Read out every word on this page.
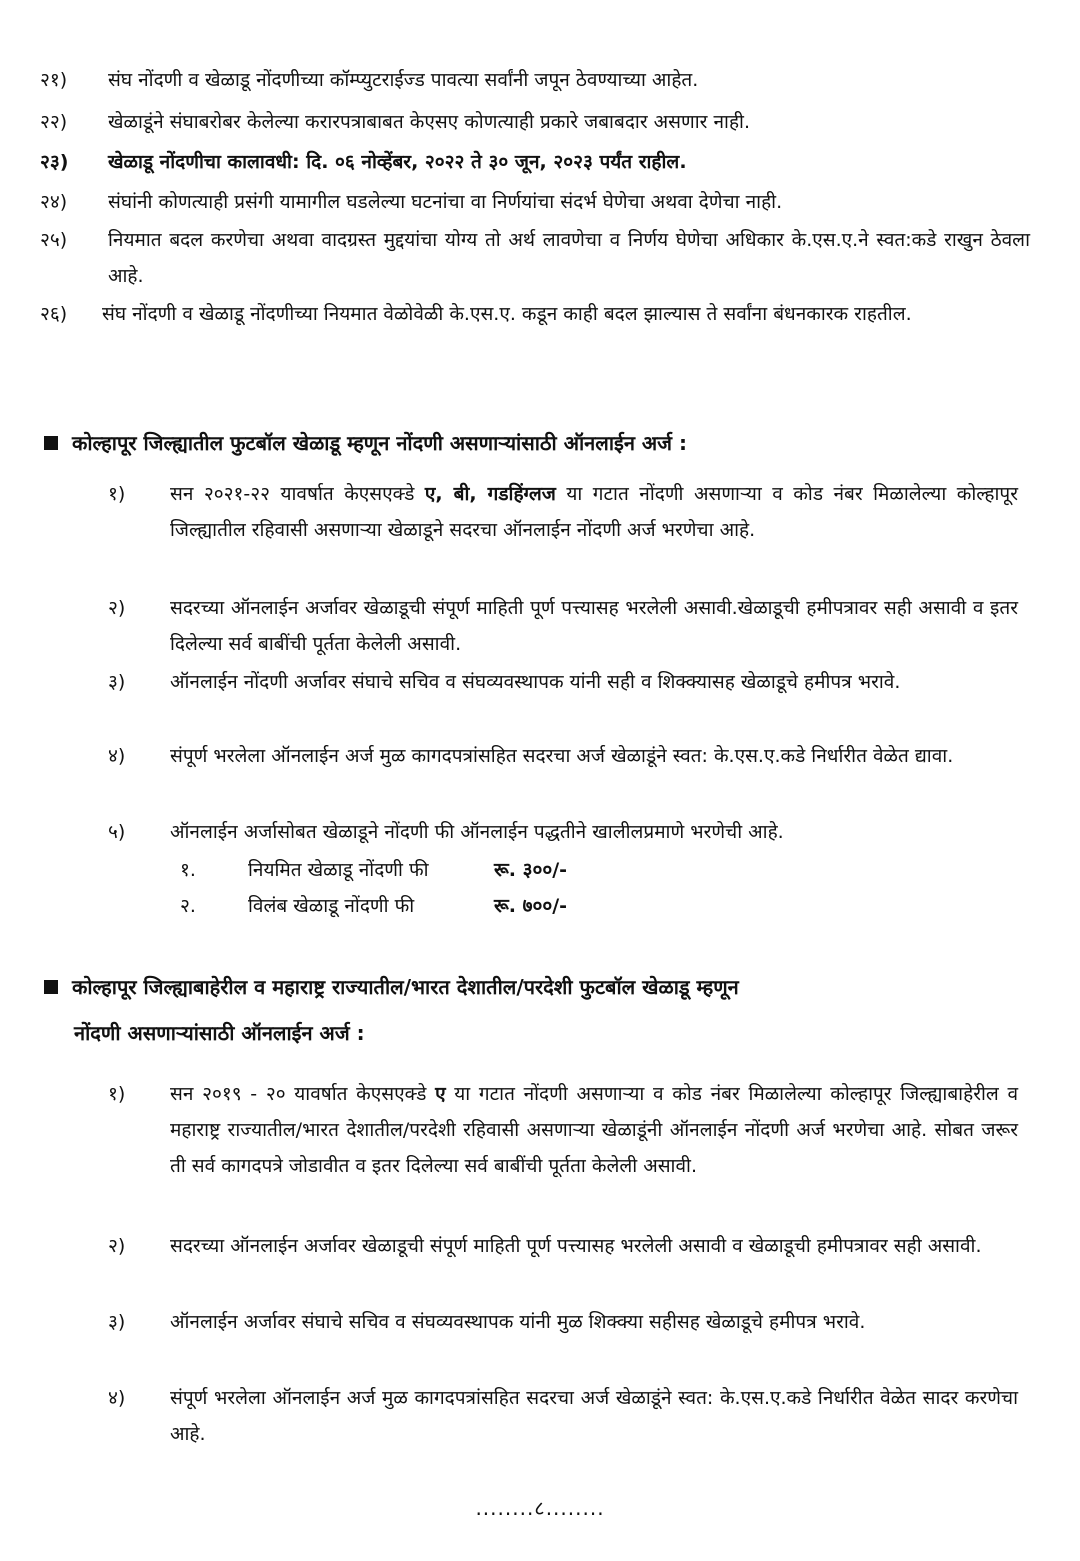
२१)	संघ नोंदणी व खेळाडू नोंदणीच्या कॉम्प्युटराईज्ड पावत्या सर्वांनी जपून ठेवण्याच्या आहेत.
२२)	खेळाडूंने संघाबरोबर केलेल्या करारपत्राबाबत केएसए कोणत्याही प्रकारे जबाबदार असणार नाही.
२३)	खेळाडू नोंदणीचा कालावधी: दि. ०६ नोव्हेंबर, २०२२ ते ३० जून, २०२३ पर्यंत राहील.
२४)	संघांनी कोणत्याही प्रसंगी यामागील घडलेल्या घटनांचा वा निर्णयांचा संदर्भ घेणेचा अथवा देणेचा नाही.
२५)	नियमात बदल करणेचा अथवा वादग्रस्त मुद्दयांचा योग्य तो अर्थ लावणेचा व निर्णय घेणेचा अधिकार के.एस.ए.ने स्वत:कडे राखुन ठेवला आहे.
२६)	संघ नोंदणी व खेळाडू नोंदणीच्या नियमात वेळोवेळी के.एस.ए. कडून काही बदल झाल्यास ते सर्वांना बंधनकारक राहतील.
कोल्हापूर जिल्ह्यातील फुटबॉल खेळाडू म्हणून नोंदणी असणाऱ्यांसाठी ऑनलाईन अर्ज :
१)	सन २०२१-२२ यावर्षात केएसएक्डे ए, बी, गडहिंग्लज या गटात नोंदणी असणाऱ्या व कोड नंबर मिळालेल्या कोल्हापूर जिल्ह्यातील रहिवासी असणाऱ्या खेळाडूने सदरचा ऑनलाईन नोंदणी अर्ज भरणेचा आहे.
२)	सदरच्या ऑनलाईन अर्जावर खेळाडूची संपूर्ण माहिती पूर्ण पत्त्यासह भरलेली असावी.खेळाडूची हमीपत्रावर सही असावी व इतर दिलेल्या सर्व बाबींची पूर्तता केलेली असावी.
३)	ऑनलाईन नोंदणी अर्जावर संघाचे सचिव व संघव्यवस्थापक यांनी सही व शिक्क्यासह खेळाडूचे हमीपत्र भरावे.
४)	संपूर्ण भरलेला ऑनलाईन अर्ज मुळ कागदपत्रांसहित सदरचा अर्ज खेळाडूंने स्वत: के.एस.ए.कडे निर्धारीत वेळेत द्यावा.
५)	ऑनलाईन अर्जासोबत खेळाडूने नोंदणी फी ऑनलाईन पद्धतीने खालीलप्रमाणे भरणेची आहे.
१.	नियमित खेळाडू नोंदणी फी	रू. ३००/-
२.	विलंब खेळाडू नोंदणी फी	रू. ७००/-
कोल्हापूर जिल्ह्याबाहेरील व महाराष्ट्र राज्यातील/भारत देशातील/परदेशी फुटबॉल खेळाडू म्हणून
नोंदणी असणाऱ्यांसाठी ऑनलाईन अर्ज :
१)	सन २०१९ - २० यावर्षात केएसएक्डे ए या गटात नोंदणी असणाऱ्या व कोड नंबर मिळालेल्या कोल्हापूर जिल्ह्याबाहेरील व महाराष्ट्र राज्यातील/भारत देशातील/परदेशी रहिवासी असणाऱ्या खेळाडूंनी ऑनलाईन नोंदणी अर्ज भरणेचा आहे. सोबत जरूर ती सर्व कागदपत्रे जोडावीत व इतर दिलेल्या सर्व बाबींची पूर्तता केलेली असावी.
२)	सदरच्या ऑनलाईन अर्जावर खेळाडूची संपूर्ण माहिती पूर्ण पत्त्यासह भरलेली असावी व खेळाडूची हमीपत्रावर सही असावी.
३)	ऑनलाईन अर्जावर संघाचे सचिव व संघव्यवस्थापक यांनी मुळ शिक्क्या सहीसह खेळाडूचे हमीपत्र भरावे.
४)	संपूर्ण भरलेला ऑनलाईन अर्ज मुळ कागदपत्रांसहित सदरचा अर्ज खेळाडूंने स्वत: के.एस.ए.कडे निर्धारीत वेळेत सादर करणेचा आहे.
........८........
